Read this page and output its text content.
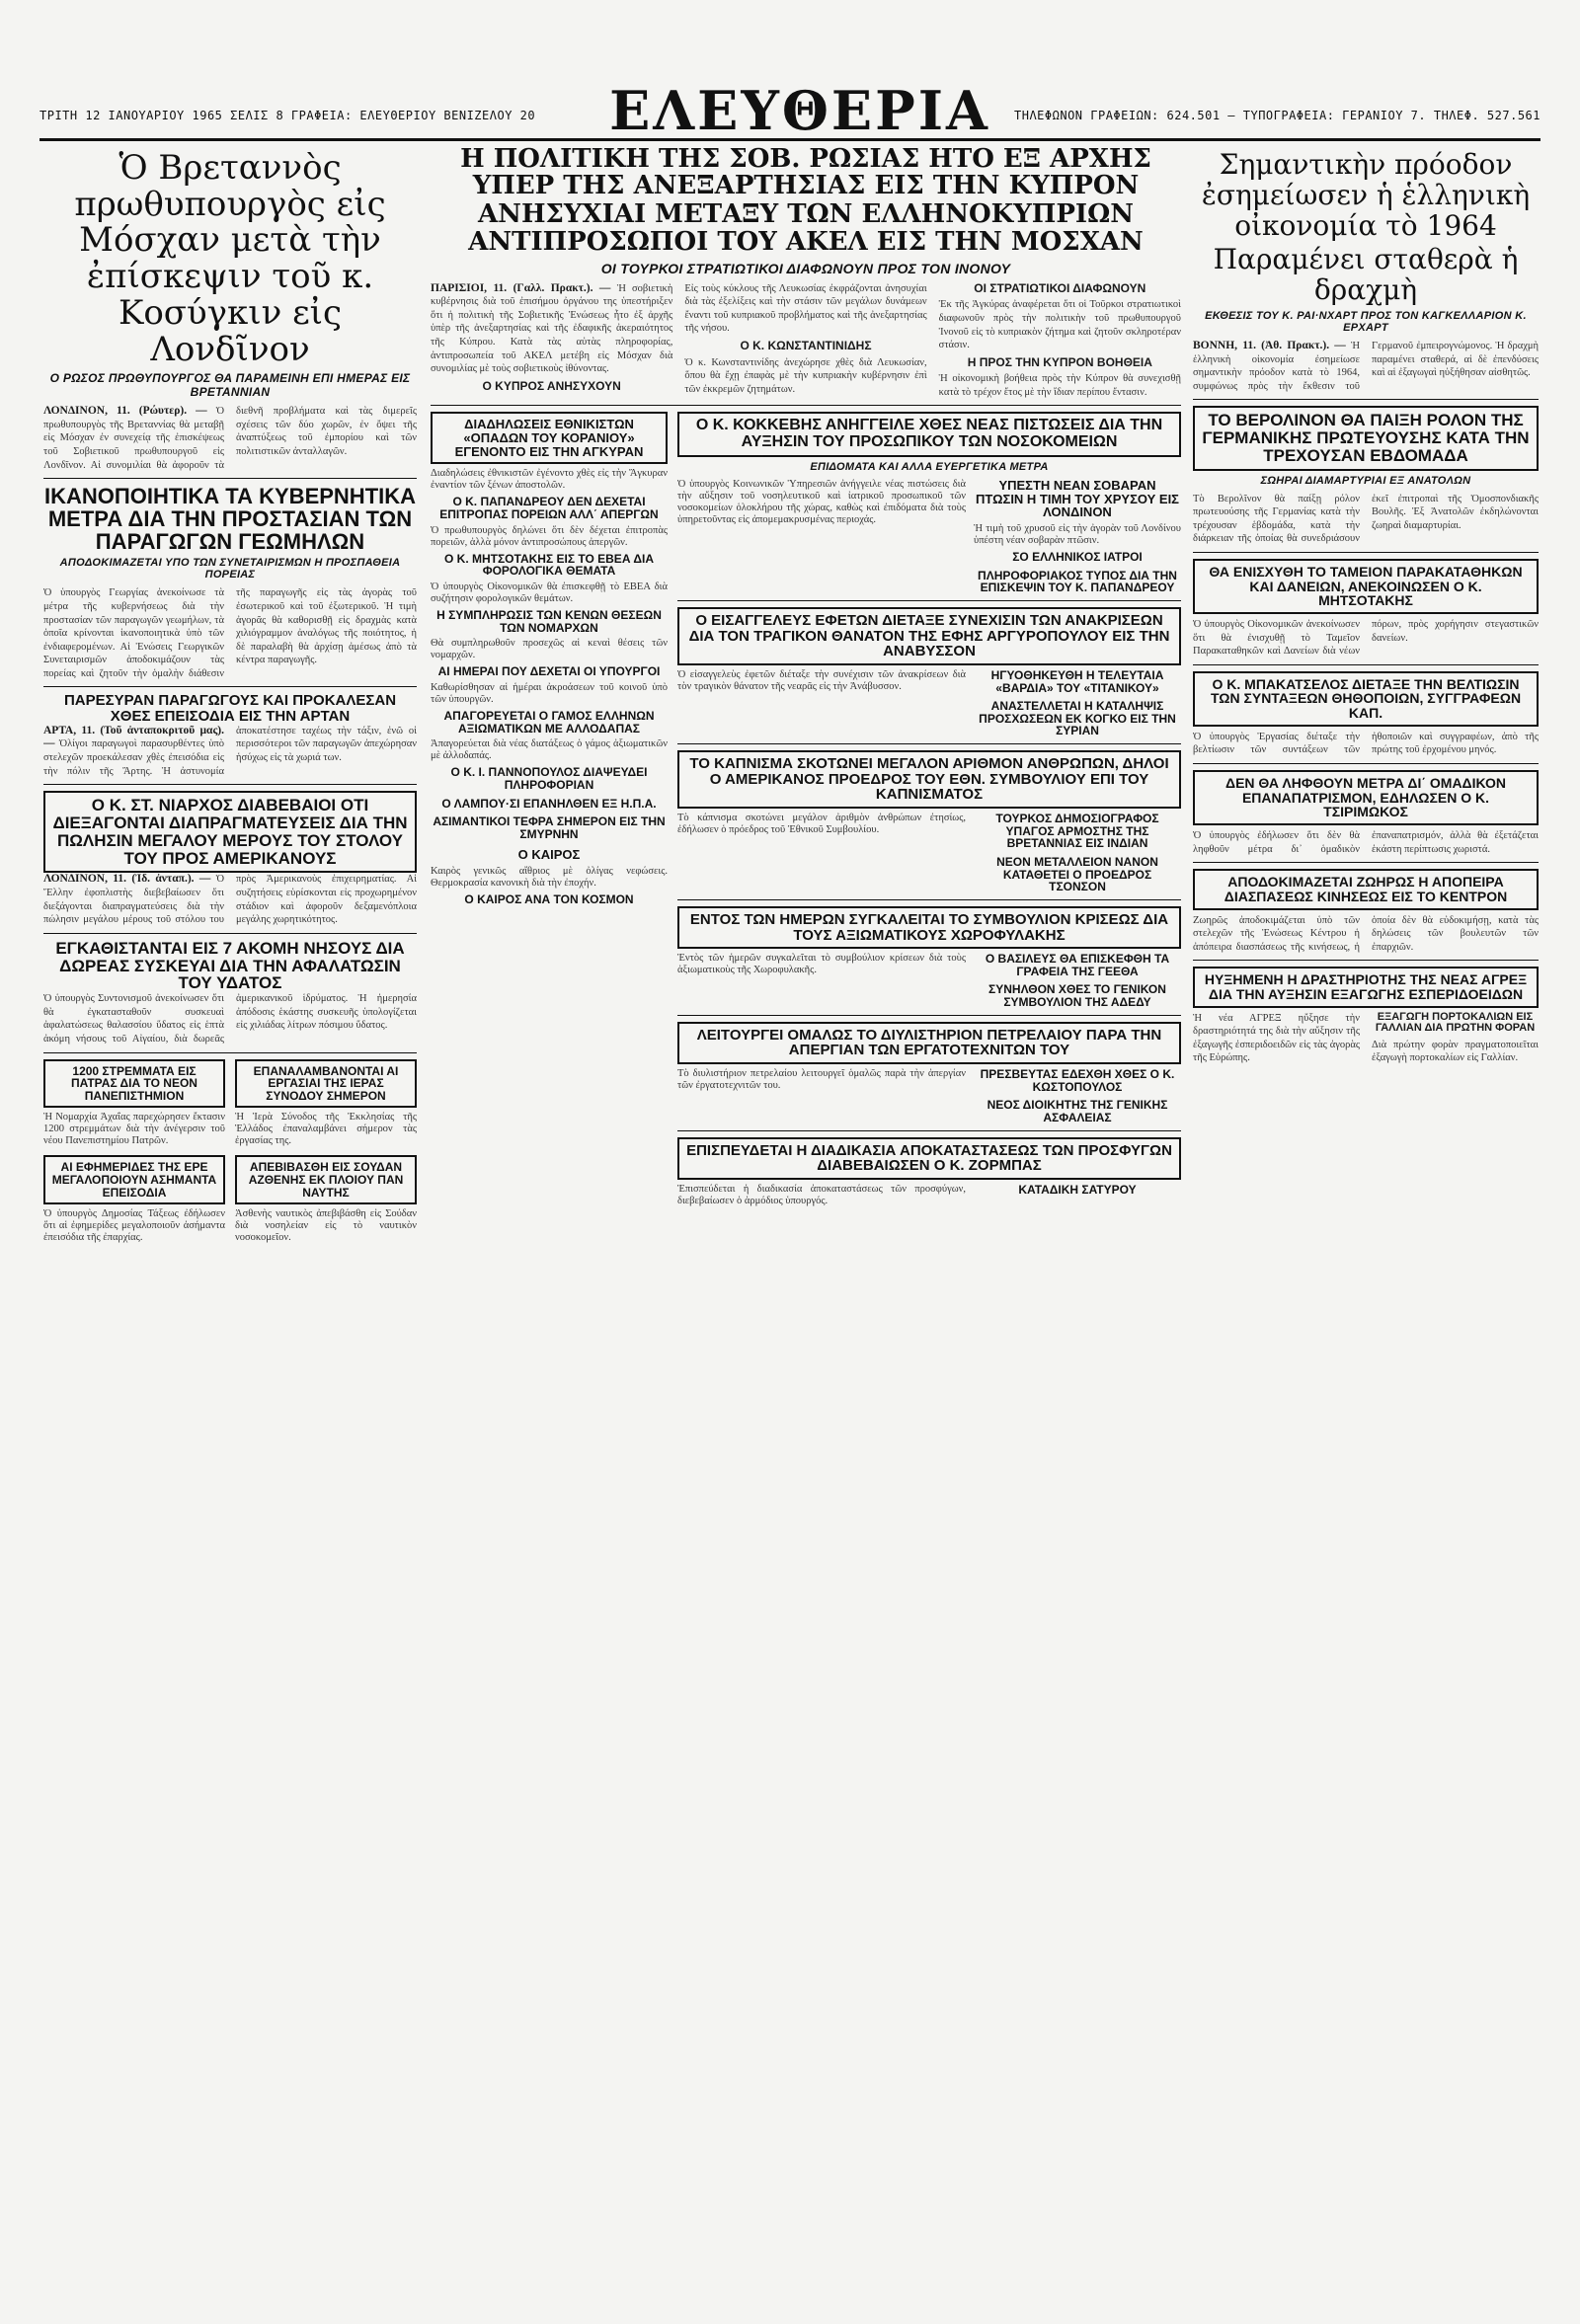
ΤΡΙΤΗ 12 ΙΑΝΟΥΑΡΙΟΥ 1965 ΣΕΛΙΣ 8 ΓΡΑΦΕΙΑ: ΕΛΕΥΘΕΡΙΟΥ ΒΕΝΙΖΕΛΟΥ 20	ΕΛΕΥΘΕΡΙΑ	ΤΗΛΕΦΩΝΟΝ ΓΡΑΦΕΙΩΝ: 624.501 — ΤΥΠΟΓΡΑΦΕΙΑ: ΓΕΡΑΝΙΟΥ 7. ΤΗΛΕΦ. 527.561
Ὁ Βρεταννὸς πρωθυπουργὸς εἰς Μόσχαν μετὰ τὴν ἐπίσκεψιν τοῦ κ. Κοσύγκιν εἰς Λονδῖνον
Ο ΡΩΣΟΣ ΠΡΩΘΥΠΟΥΡΓΟΣ ΘΑ ΠΑΡΑΜΕΙΝΗ ΕΠΙ ΗΜΕΡΑΣ ΕΙΣ ΒΡΕΤΑΝΝΙΑΝ
ΛΟΝΔΙΝΟΝ, 11. (Ρώυτερ). — Ὁ πρωθυπουργὸς τῆς Βρεταννίας θὰ μεταβῇ εἰς Μόσχαν ἐν συνεχείᾳ τῆς ἐπισκέψεως τοῦ Σοβιετικοῦ πρωθυπουργοῦ εἰς Λονδῖνον. Αἱ συνομιλίαι θὰ ἀφοροῦν τὰ διεθνῆ προβλήματα καὶ τὰς διμερεῖς σχέσεις τῶν δύο χωρῶν, ἐν ὄψει τῆς ἀναπτύξεως τοῦ ἐμπορίου καὶ τῶν πολιτιστικῶν ἀνταλλαγῶν.
ΙΚΑΝΟΠΟΙΗΤΙΚΑ ΤΑ ΚΥΒΕΡΝΗΤΙΚΑ ΜΕΤΡΑ ΔΙΑ ΤΗΝ ΠΡΟΣΤΑΣΙΑΝ ΤΩΝ ΠΑΡΑΓΩΓΩΝ ΓΕΩΜΗΛΩΝ
ΑΠΟΔΟΚΙΜΑΖΕΤΑΙ ΥΠΟ ΤΩΝ ΣΥΝΕΤΑΙΡΙΣΜΩΝ Η ΠΡΟΣΠΑΘΕΙΑ ΠΟΡΕΙΑΣ
Ὁ ὑπουργὸς Γεωργίας ἀνεκοίνωσε τὰ μέτρα τῆς κυβερνήσεως διὰ τὴν προστασίαν τῶν παραγωγῶν γεωμήλων, τὰ ὁποῖα κρίνονται ἱκανοποιητικὰ ὑπὸ τῶν ἐνδιαφερομένων. Αἱ Ἑνώσεις Γεωργικῶν Συνεταιρισμῶν ἀποδοκιμάζουν τὰς πορείας καὶ ζητοῦν τὴν ὁμαλὴν διάθεσιν τῆς παραγωγῆς εἰς τὰς ἀγορὰς τοῦ ἐσωτερικοῦ καὶ τοῦ ἐξωτερικοῦ. Ἡ τιμὴ ἀγορᾶς θὰ καθορισθῇ εἰς δραχμὰς κατὰ χιλιόγραμμον ἀναλόγως τῆς ποιότητος, ἡ δὲ παραλαβὴ θὰ ἀρχίσῃ ἀμέσως ἀπὸ τὰ κέντρα παραγωγῆς.
ΠΑΡΕΣΥΡΑΝ ΠΑΡΑΓΩΓΟΥΣ ΚΑΙ ΠΡΟΚΑΛΕΣΑΝ ΧΘΕΣ ΕΠΕΙΣΟΔΙΑ ΕΙΣ ΤΗΝ ΑΡΤΑΝ
ΑΡΤΑ, 11. (Τοῦ ἀνταποκριτοῦ μας). — Ὀλίγοι παραγωγοὶ παρασυρθέντες ὑπὸ στελεχῶν προεκάλεσαν χθὲς ἐπεισόδια εἰς τὴν πόλιν τῆς Ἄρτης. Ἡ ἀστυνομία ἀποκατέστησε ταχέως τὴν τάξιν, ἐνῶ οἱ περισσότεροι τῶν παραγωγῶν ἀπεχώρησαν ἡσύχως εἰς τὰ χωριά των.
Ο Κ. ΣΤ. ΝΙΑΡΧΟΣ ΔΙΑΒΕΒΑΙΟΙ ΟΤΙ ΔΙΕΞΑΓΟΝΤΑΙ ΔΙΑΠΡΑΓΜΑΤΕΥΣΕΙΣ ΔΙΑ ΤΗΝ ΠΩΛΗΣΙΝ ΜΕΓΑΛΟΥ ΜΕΡΟΥΣ ΤΟΥ ΣΤΟΛΟΥ ΤΟΥ ΠΡΟΣ ΑΜΕΡΙΚΑΝΟΥΣ
ΛΟΝΔΙΝΟΝ, 11. (Ἰδ. ἀνταπ.). — Ὁ Ἕλλην ἐφοπλιστὴς διεβεβαίωσεν ὅτι διεξάγονται διαπραγματεύσεις διὰ τὴν πώλησιν μεγάλου μέρους τοῦ στόλου του πρὸς Ἀμερικανοὺς ἐπιχειρηματίας. Αἱ συζητήσεις εὑρίσκονται εἰς προχωρημένον στάδιον καὶ ἀφοροῦν δεξαμενόπλοια μεγάλης χωρητικότητος.
ΕΓΚΑΘΙΣΤΑΝΤΑΙ ΕΙΣ 7 ΑΚΟΜΗ ΝΗΣΟΥΣ ΔΙΑ ΔΩΡΕΑΣ ΣΥΣΚΕΥΑΙ ΔΙΑ ΤΗΝ ΑΦΑΛΑΤΩΣΙΝ ΤΟΥ ΥΔΑΤΟΣ
Ὁ ὑπουργὸς Συντονισμοῦ ἀνεκοίνωσεν ὅτι θὰ ἐγκατασταθοῦν συσκευαὶ ἀφαλατώσεως θαλασσίου ὕδατος εἰς ἑπτὰ ἀκόμη νήσους τοῦ Αἰγαίου, διὰ δωρεᾶς ἀμερικανικοῦ ἱδρύματος. Ἡ ἡμερησία ἀπόδοσις ἑκάστης συσκευῆς ὑπολογίζεται εἰς χιλιάδας λίτρων πόσιμου ὕδατος.
1200 ΣΤΡΕΜΜΑΤΑ ΕΙΣ ΠΑΤΡΑΣ ΔΙΑ ΤΟ ΝΕΟΝ ΠΑΝΕΠΙΣΤΗΜΙΟΝ
Ἡ Νομαρχία Ἀχαΐας παρεχώρησεν ἔκτασιν 1200 στρεμμάτων διὰ τὴν ἀνέγερσιν τοῦ νέου Πανεπιστημίου Πατρῶν.
ΑΙ ΕΦΗΜΕΡΙΔΕΣ ΤΗΣ ΕΡΕ ΜΕΓΑΛΟΠΟΙΟΥΝ ΑΣΗΜΑΝΤΑ ΕΠΕΙΣΟΔΙΑ
Ὁ ὑπουργὸς Δημοσίας Τάξεως ἐδήλωσεν ὅτι αἱ ἐφημερίδες μεγαλοποιοῦν ἀσήμαντα ἐπεισόδια τῆς ἐπαρχίας.
ΕΠΑΝΑΛΑΜΒΑΝΟΝΤΑΙ ΑΙ ΕΡΓΑΣΙΑΙ ΤΗΣ ΙΕΡΑΣ ΣΥΝΟΔΟΥ ΣΗΜΕΡΟΝ
Ἡ Ἱερὰ Σύνοδος τῆς Ἐκκλησίας τῆς Ἑλλάδος ἐπαναλαμβάνει σήμερον τὰς ἐργασίας της.
ΑΠΕΒΙΒΑΣΘΗ ΕΙΣ ΣΟΥΔΑΝ ΑΖΘΕΝΗΣ ΕΚ ΠΛΟΙΟΥ ΠΑΝ ΝΑΥΤΗΣ
Ἀσθενὴς ναυτικὸς ἀπεβιβάσθη εἰς Σούδαν διὰ νοσηλείαν εἰς τὸ ναυτικὸν νοσοκομεῖον.
Η ΠΟΛΙΤΙΚΗ ΤΗΣ ΣΟΒ. ΡΩΣΙΑΣ ΗΤΟ ΕΞ ΑΡΧΗΣ ΥΠΕΡ ΤΗΣ ΑΝΕΞΑΡΤΗΣΙΑΣ ΕΙΣ ΤΗΝ ΚΥΠΡΟΝ
ΑΝΗΣΥΧΙΑΙ ΜΕΤΑΞΥ ΤΩΝ ΕΛΛΗΝΟΚΥΠΡΙΩΝ
ΑΝΤΙΠΡΟΣΩΠΟΙ ΤΟΥ ΑΚΕΛ ΕΙΣ ΤΗΝ ΜΟΣΧΑΝ
ΟΙ ΤΟΥΡΚΟΙ ΣΤΡΑΤΙΩΤΙΚΟΙ ΔΙΑΦΩΝΟΥΝ ΠΡΟΣ ΤΟΝ ΙΝΟΝΟΥ
ΠΑΡΙΣΙΟΙ, 11. (Γαλλ. Πρακτ.). — Ἡ σοβιετικὴ κυβέρνησις διὰ τοῦ ἐπισήμου ὀργάνου της ὑπεστήριξεν ὅτι ἡ πολιτικὴ τῆς Σοβιετικῆς Ἑνώσεως ἦτο ἐξ ἀρχῆς ὑπὲρ τῆς ἀνεξαρτησίας καὶ τῆς ἐδαφικῆς ἀκεραιότητος τῆς Κύπρου. Κατὰ τὰς αὐτὰς πληροφορίας, ἀντιπροσωπεία τοῦ ΑΚΕΛ μετέβη εἰς Μόσχαν διὰ συνομιλίας μὲ τοὺς σοβιετικοὺς ἰθύνοντας.
Ο ΚΥΠΡΟΣ ΑΝΗΣΥΧΟΥΝ
Εἰς τοὺς κύκλους τῆς Λευκωσίας ἐκφράζονται ἀνησυχίαι διὰ τὰς ἐξελίξεις καὶ τὴν στάσιν τῶν μεγάλων δυνάμεων ἔναντι τοῦ κυπριακοῦ προβλήματος καὶ τῆς ἀνεξαρτησίας τῆς νήσου.
Ο Κ. ΚΩΝΣΤΑΝΤΙΝΙΔΗΣ
Ὁ κ. Κωνσταντινίδης ἀνεχώρησε χθὲς διὰ Λευκωσίαν, ὅπου θὰ ἔχῃ ἐπαφὰς μὲ τὴν κυπριακὴν κυβέρνησιν ἐπὶ τῶν ἐκκρεμῶν ζητημάτων.
ΟΙ ΣΤΡΑΤΙΩΤΙΚΟΙ ΔΙΑΦΩΝΟΥΝ
Ἐκ τῆς Ἀγκύρας ἀναφέρεται ὅτι οἱ Τοῦρκοι στρατιωτικοὶ διαφωνοῦν πρὸς τὴν πολιτικὴν τοῦ πρωθυπουργοῦ Ἰνονοῦ εἰς τὸ κυπριακὸν ζήτημα καὶ ζητοῦν σκληροτέραν στάσιν.
Η ΠΡΟΣ ΤΗΝ ΚΥΠΡΟΝ ΒΟΗΘΕΙΑ
Ἡ οἰκονομικὴ βοήθεια πρὸς τὴν Κύπρον θὰ συνεχισθῇ κατὰ τὸ τρέχον ἔτος μὲ τὴν ἴδιαν περίπου ἔντασιν.
ΔΙΑΔΗΛΩΣΕΙΣ ΕΘΝΙΚΙΣΤΩΝ «ΟΠΑΔΩΝ ΤΟΥ ΚΟΡΑΝΙΟΥ» ΕΓΕΝΟΝΤΟ ΕΙΣ ΤΗΝ ΑΓΚΥΡΑΝ
Διαδηλώσεις ἐθνικιστῶν ἐγένοντο χθὲς εἰς τὴν Ἄγκυραν ἐναντίον τῶν ξένων ἀποστολῶν.
Ο Κ. ΠΑΠΑΝΔΡΕΟΥ ΔΕΝ ΔΕΧΕΤΑΙ ΕΠΙΤΡΟΠΑΣ ΠΟΡΕΙΩΝ ΑΛΛ΄ ΑΠΕΡΓΩΝ
Ὁ πρωθυπουργὸς δηλώνει ὅτι δὲν δέχεται ἐπιτροπὰς πορειῶν, ἀλλὰ μόνον ἀντιπροσώπους ἀπεργῶν.
Ο Κ. ΜΗΤΣΟΤΑΚΗΣ ΕΙΣ ΤΟ ΕΒΕΑ ΔΙΑ ΦΟΡΟΛΟΓΙΚΑ ΘΕΜΑΤΑ
Ὁ ὑπουργὸς Οἰκονομικῶν θὰ ἐπισκεφθῇ τὸ ΕΒΕΑ διὰ συζήτησιν φορολογικῶν θεμάτων.
Η ΣΥΜΠΛΗΡΩΣΙΣ ΤΩΝ ΚΕΝΩΝ ΘΕΣΕΩΝ ΤΩΝ ΝΟΜΑΡΧΩΝ
Θὰ συμπληρωθοῦν προσεχῶς αἱ κεναὶ θέσεις τῶν νομαρχῶν.
ΑΙ ΗΜΕΡΑΙ ΠΟΥ ΔΕΧΕΤΑΙ ΟΙ ΥΠΟΥΡΓΟΙ
Καθωρίσθησαν αἱ ἡμέραι ἀκροάσεων τοῦ κοινοῦ ὑπὸ τῶν ὑπουργῶν.
ΑΠΑΓΟΡΕΥΕΤΑΙ Ο ΓΑΜΟΣ ΕΛΛΗΝΩΝ ΑΞΙΩΜΑΤΙΚΩΝ ΜΕ ΑΛΛΟΔΑΠΑΣ
Ἀπαγορεύεται διὰ νέας διατάξεως ὁ γάμος ἀξιωματικῶν μὲ ἀλλοδαπάς.
Ο Κ. Ι. ΠΑΝΝΟΠΟΥΛΟΣ ΔΙΑΨΕΥΔΕΙ ΠΛΗΡΟΦΟΡΙΑΝ
Ο ΛΑΜΠΟΥ·ΣΙ ΕΠΑΝΗΛΘΕΝ ΕΞ Η.Π.Α.
ΑΣΙΜΑΝΤΙΚΟΙ ΤΕΦΡΑ ΣΗΜΕΡΟΝ ΕΙΣ ΤΗΝ ΣΜΥΡΝΗΝ
Ο ΚΑΙΡΟΣ
Καιρὸς γενικῶς αἴθριος μὲ ὀλίγας νεφώσεις. Θερμοκρασία κανονικὴ διὰ τὴν ἐποχήν.
Ο ΚΑΙΡΟΣ ΑΝΑ ΤΟΝ ΚΟΣΜΟΝ
Ο Κ. ΚΟΚΚΕΒΗΣ ΑΝΗΓΓΕΙΛΕ ΧΘΕΣ ΝΕΑΣ ΠΙΣΤΩΣΕΙΣ ΔΙΑ ΤΗΝ ΑΥΞΗΣΙΝ ΤΟΥ ΠΡΟΣΩΠΙΚΟΥ ΤΩΝ ΝΟΣΟΚΟΜΕΙΩΝ
ΕΠΙΔΟΜΑΤΑ ΚΑΙ ΑΛΛΑ ΕΥΕΡΓΕΤΙΚΑ ΜΕΤΡΑ
Ὁ ὑπουργὸς Κοινωνικῶν Ὑπηρεσιῶν ἀνήγγειλε νέας πιστώσεις διὰ τὴν αὔξησιν τοῦ νοσηλευτικοῦ καὶ ἰατρικοῦ προσωπικοῦ τῶν νοσοκομείων ὁλοκλήρου τῆς χώρας, καθὼς καὶ ἐπιδόματα διὰ τοὺς ὑπηρετοῦντας εἰς ἀπομεμακρυσμένας περιοχάς.
ΥΠΕΣΤΗ ΝΕΑΝ ΣΟΒΑΡΑΝ ΠΤΩΣΙΝ Η ΤΙΜΗ ΤΟΥ ΧΡΥΣΟΥ ΕΙΣ ΛΟΝΔΙΝΟΝ
Ἡ τιμὴ τοῦ χρυσοῦ εἰς τὴν ἀγορὰν τοῦ Λονδίνου ὑπέστη νέαν σοβαρὰν πτῶσιν.
ΣΟ ΕΛΛΗΝΙΚΟΣ ΙΑΤΡΟΙ
ΠΛΗΡΟΦΟΡΙΑΚΟΣ ΤΥΠΟΣ ΔΙΑ ΤΗΝ ΕΠΙΣΚΕΨΙΝ ΤΟΥ Κ. ΠΑΠΑΝΔΡΕΟΥ
Ο ΕΙΣΑΓΓΕΛΕΥΣ ΕΦΕΤΩΝ ΔΙΕΤΑΞΕ ΣΥΝΕΧΙΣΙΝ ΤΩΝ ΑΝΑΚΡΙΣΕΩΝ ΔΙΑ ΤΟΝ ΤΡΑΓΙΚΟΝ ΘΑΝΑΤΟΝ ΤΗΣ ΕΦΗΣ ΑΡΓΥΡΟΠΟΥΛΟΥ ΕΙΣ ΤΗΝ ΑΝΑΒΥΣΣΟΝ
Ὁ εἰσαγγελεὺς ἐφετῶν διέταξε τὴν συνέχισιν τῶν ἀνακρίσεων διὰ τὸν τραγικὸν θάνατον τῆς νεαρᾶς εἰς τὴν Ἀνάβυσσον.
ΗΓΥΟΘΗΚΕΥΘΗ Η ΤΕΛΕΥΤΑΙΑ «ΒΑΡΔΙΑ» ΤΟΥ «ΤΙΤΑΝΙΚΟΥ»
ΑΝΑΣΤΕΛΛΕΤΑΙ Η ΚΑΤΑΛΗΨΙΣ ΠΡΟΣΧΩΣΕΩΝ ΕΚ ΚΟΓΚΟ ΕΙΣ ΤΗΝ ΣΥΡΙΑΝ
ΤΟ ΚΑΠΝΙΣΜΑ ΣΚΟΤΩΝΕΙ ΜΕΓΑΛΟΝ ΑΡΙΘΜΟΝ ΑΝΘΡΩΠΩΝ, ΔΗΛΟΙ Ο ΑΜΕΡΙΚΑΝΟΣ ΠΡΟΕΔΡΟΣ ΤΟΥ ΕΘΝ. ΣΥΜΒΟΥΛΙΟΥ ΕΠΙ ΤΟΥ ΚΑΠΝΙΣΜΑΤΟΣ
Τὸ κάπνισμα σκοτώνει μεγάλον ἀριθμὸν ἀνθρώπων ἐτησίως, ἐδήλωσεν ὁ πρόεδρος τοῦ Ἐθνικοῦ Συμβουλίου.
ΤΟΥΡΚΟΣ ΔΗΜΟΣΙΟΓΡΑΦΟΣ ΥΠΑΓΟΣ ΑΡΜΟΣΤΗΣ ΤΗΣ ΒΡΕΤΑΝΝΙΑΣ ΕΙΣ ΙΝΔΙΑΝ
ΝΕΟΝ ΜΕΤΑΛΛΕΙΟΝ ΝΑΝΟΝ ΚΑΤΑΘΕΤΕΙ Ο ΠΡΟΕΔΡΟΣ ΤΣΟΝΣΟΝ
ΕΝΤΟΣ ΤΩΝ ΗΜΕΡΩΝ ΣΥΓΚΑΛΕΙΤΑΙ ΤΟ ΣΥΜΒΟΥΛΙΟΝ ΚΡΙΣΕΩΣ ΔΙΑ ΤΟΥΣ ΑΞΙΩΜΑΤΙΚΟΥΣ ΧΩΡΟΦΥΛΑΚΗΣ
Ἐντὸς τῶν ἡμερῶν συγκαλεῖται τὸ συμβούλιον κρίσεων διὰ τοὺς ἀξιωματικοὺς τῆς Χωροφυλακῆς.
Ο ΒΑΣΙΛΕΥΣ ΘΑ ΕΠΙΣΚΕΦΘΗ ΤΑ ΓΡΑΦΕΙΑ ΤΗΣ ΓΕΕΘΑ
ΣΥΝΗΛΘΟΝ ΧΘΕΣ ΤΟ ΓΕΝΙΚΟΝ ΣΥΜΒΟΥΛΙΟΝ ΤΗΣ ΑΔΕΔΥ
ΛΕΙΤΟΥΡΓΕΙ ΟΜΑΛΩΣ ΤΟ ΔΙΥΛΙΣΤΗΡΙΟΝ ΠΕΤΡΕΛΑΙΟΥ ΠΑΡΑ ΤΗΝ ΑΠΕΡΓΙΑΝ ΤΩΝ ΕΡΓΑΤΟΤΕΧΝΙΤΩΝ ΤΟΥ
Τὸ διυλιστήριον πετρελαίου λειτουργεῖ ὁμαλῶς παρὰ τὴν ἀπεργίαν τῶν ἐργατοτεχνιτῶν του.
ΠΡΕΣΒΕΥΤΑΣ ΕΔΕΧΘΗ ΧΘΕΣ Ο Κ. ΚΩΣΤΟΠΟΥΛΟΣ
ΝΕΟΣ ΔΙΟΙΚΗΤΗΣ ΤΗΣ ΓΕΝΙΚΗΣ ΑΣΦΑΛΕΙΑΣ
ΕΠΙΣΠΕΥΔΕΤΑΙ Η ΔΙΑΔΙΚΑΣΙΑ ΑΠΟΚΑΤΑΣΤΑΣΕΩΣ ΤΩΝ ΠΡΟΣΦΥΓΩΝ ΔΙΑΒΕΒΑΙΩΣΕΝ Ο Κ. ΖΟΡΜΠΑΣ
Ἐπισπεύδεται ἡ διαδικασία ἀποκαταστάσεως τῶν προσφύγων, διεβεβαίωσεν ὁ ἁρμόδιος ὑπουργός.
ΚΑΤΑΔΙΚΗ ΣΑΤΥΡΟΥ
Σημαντικὴν πρόοδον ἐσημείωσεν ἡ ἑλληνικὴ οἰκονομία τὸ 1964
Παραμένει σταθερὰ ἡ δραχμὴ
ΕΚΘΕΣΙΣ ΤΟΥ Κ. ΡΑΙ·ΝΧΑΡΤ ΠΡΟΣ ΤΟΝ ΚΑΓΚΕΛΛΑΡΙΟΝ Κ. ΕΡΧΑΡΤ
ΒΟΝΝΗ, 11. (Ἀθ. Πρακτ.). — Ἡ ἑλληνικὴ οἰκονομία ἐσημείωσε σημαντικὴν πρόοδον κατὰ τὸ 1964, συμφώνως πρὸς τὴν ἔκθεσιν τοῦ Γερμανοῦ ἐμπειρογνώμονος. Ἡ δραχμὴ παραμένει σταθερά, αἱ δὲ ἐπενδύσεις καὶ αἱ ἐξαγωγαὶ ηὐξήθησαν αἰσθητῶς.
ΤΟ ΒΕΡΟΛΙΝΟΝ ΘΑ ΠΑΙΞΗ ΡΟΛΟΝ ΤΗΣ ΓΕΡΜΑΝΙΚΗΣ ΠΡΩΤΕΥΟΥΣΗΣ ΚΑΤΑ ΤΗΝ ΤΡΕΧΟΥΣΑΝ ΕΒΔΟΜΑΔΑ
ΣΩΗΡΑΙ ΔΙΑΜΑΡΤΥΡΙΑΙ ΕΞ ΑΝΑΤΟΛΩΝ
Τὸ Βερολῖνον θὰ παίξῃ ρόλον πρωτευούσης τῆς Γερμανίας κατὰ τὴν τρέχουσαν ἑβδομάδα, κατὰ τὴν διάρκειαν τῆς ὁποίας θὰ συνεδριάσουν ἐκεῖ ἐπιτροπαὶ τῆς Ὁμοσπονδιακῆς Βουλῆς. Ἐξ Ἀνατολῶν ἐκδηλώνονται ζωηραὶ διαμαρτυρίαι.
ΘΑ ΕΝΙΣΧΥΘΗ ΤΟ ΤΑΜΕΙΟΝ ΠΑΡΑΚΑΤΑΘΗΚΩΝ ΚΑΙ ΔΑΝΕΙΩΝ, ΑΝΕΚΟΙΝΩΣΕΝ Ο Κ. ΜΗΤΣΟΤΑΚΗΣ
Ὁ ὑπουργὸς Οἰκονομικῶν ἀνεκοίνωσεν ὅτι θὰ ἐνισχυθῇ τὸ Ταμεῖον Παρακαταθηκῶν καὶ Δανείων διὰ νέων πόρων, πρὸς χορήγησιν στεγαστικῶν δανείων.
Ο Κ. ΜΠΑΚΑΤΣΕΛΟΣ ΔΙΕΤΑΞΕ ΤΗΝ ΒΕΛΤΙΩΣΙΝ ΤΩΝ ΣΥΝΤΑΞΕΩΝ ΘΗΘΟΠΟΙΩΝ, ΣΥΓΓΡΑΦΕΩΝ ΚΑΠ.
Ὁ ὑπουργὸς Ἐργασίας διέταξε τὴν βελτίωσιν τῶν συντάξεων τῶν ἠθοποιῶν καὶ συγγραφέων, ἀπὸ τῆς πρώτης τοῦ ἐρχομένου μηνός.
ΔΕΝ ΘΑ ΛΗΦΘΟΥΝ ΜΕΤΡΑ ΔΙ΄ ΟΜΑΔΙΚΟΝ ΕΠΑΝΑΠΑΤΡΙΣΜΟΝ, ΕΔΗΛΩΣΕΝ Ο Κ. ΤΣΙΡΙΜΩΚΟΣ
Ὁ ὑπουργὸς ἐδήλωσεν ὅτι δὲν θὰ ληφθοῦν μέτρα δι᾽ ὁμαδικὸν ἐπαναπατρισμόν, ἀλλὰ θὰ ἐξετάζεται ἑκάστη περίπτωσις χωριστά.
ΑΠΟΔΟΚΙΜΑΖΕΤΑΙ ΖΩΗΡΩΣ Η ΑΠΟΠΕΙΡΑ ΔΙΑΣΠΑΣΕΩΣ ΚΙΝΗΣΕΩΣ ΕΙΣ ΤΟ ΚΕΝΤΡΟΝ
Ζωηρῶς ἀποδοκιμάζεται ὑπὸ τῶν στελεχῶν τῆς Ἑνώσεως Κέντρου ἡ ἀπόπειρα διασπάσεως τῆς κινήσεως, ἡ ὁποία δὲν θὰ εὐδοκιμήσῃ, κατὰ τὰς δηλώσεις τῶν βουλευτῶν τῶν ἐπαρχιῶν.
ΗΥΞΗΜΕΝΗ Η ΔΡΑΣΤΗΡΙΟΤΗΣ ΤΗΣ ΝΕΑΣ ΑΓΡΕΞ ΔΙΑ ΤΗΝ ΑΥΞΗΣΙΝ ΕΞΑΓΩΓΗΣ ΕΣΠΕΡΙΔΟΕΙΔΩΝ
Ἡ νέα ΑΓΡΕΞ ηὔξησε τὴν δραστηριότητά της διὰ τὴν αὔξησιν τῆς ἐξαγωγῆς ἐσπεριδοειδῶν εἰς τὰς ἀγορὰς τῆς Εὐρώπης.
ΕΞΑΓΩΓΗ ΠΟΡΤΟΚΑΛΙΩΝ ΕΙΣ ΓΑΛΛΙΑΝ ΔΙΑ ΠΡΩΤΗΝ ΦΟΡΑΝ
Διὰ πρώτην φορὰν πραγματοποιεῖται ἐξαγωγὴ πορτοκαλίων εἰς Γαλλίαν.
